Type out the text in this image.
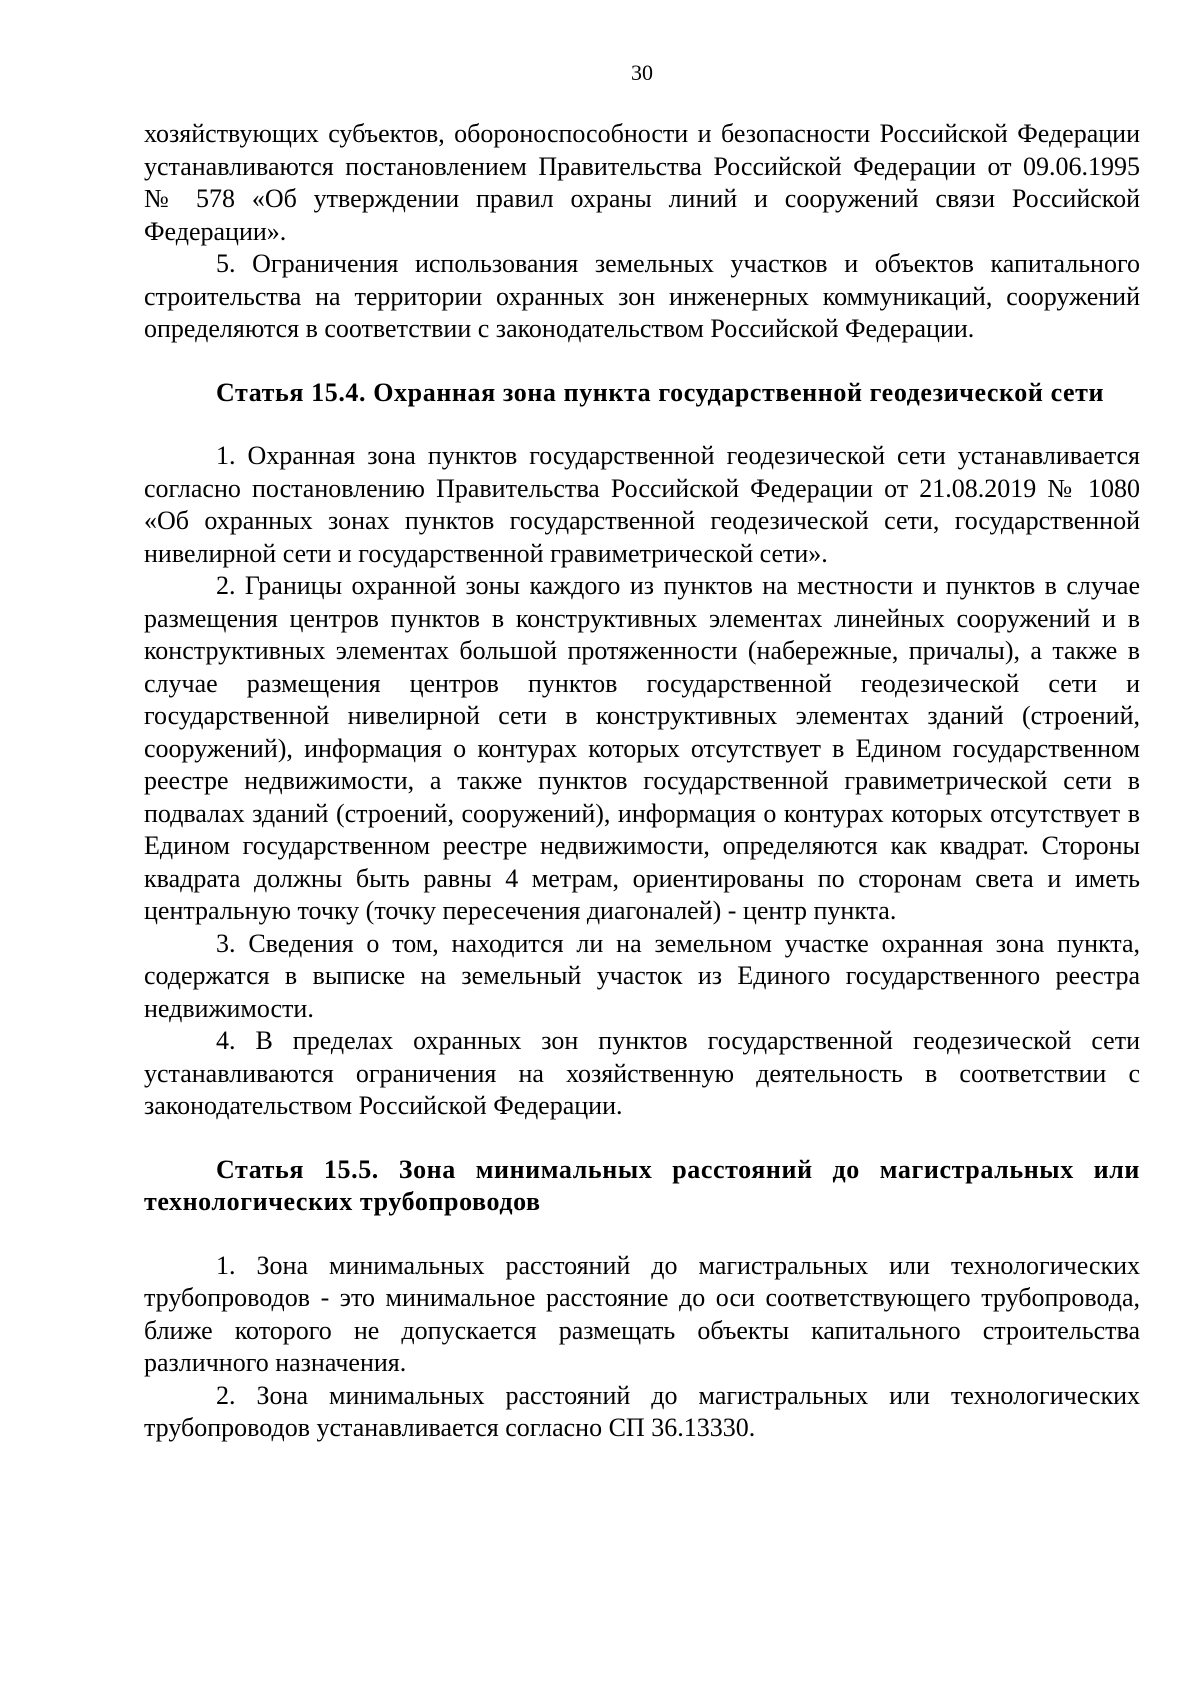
30

хозяйствующих субъектов, обороноспособности и безопасности Российской Федерации устанавливаются постановлением Правительства Российской Федерации от 09.06.1995 № 578 «Об утверждении правил охраны линий и сооружений связи Российской Федерации».

5. Ограничения использования земельных участков и объектов капитального строительства на территории охранных зон инженерных коммуникаций, сооружений определяются в соответствии с законодательством Российской Федерации.

Статья 15.4. Охранная зона пункта государственной геодезической сети

1. Охранная зона пунктов государственной геодезической сети устанавливается согласно постановлению Правительства Российской Федерации от 21.08.2019 № 1080 «Об охранных зонах пунктов государственной геодезической сети, государственной нивелирной сети и государственной гравиметрической сети».

2. Границы охранной зоны каждого из пунктов на местности и пунктов в случае размещения центров пунктов в конструктивных элементах линейных сооружений и в конструктивных элементах большой протяженности (набережные, причалы), а также в случае размещения центров пунктов государственной геодезической сети и государственной нивелирной сети в конструктивных элементах зданий (строений, сооружений), информация о контурах которых отсутствует в Едином государственном реестре недвижимости, а также пунктов государственной гравиметрической сети в подвалах зданий (строений, сооружений), информация о контурах которых отсутствует в Едином государственном реестре недвижимости, определяются как квадрат. Стороны квадрата должны быть равны 4 метрам, ориентированы по сторонам света и иметь центральную точку (точку пересечения диагоналей) - центр пункта.

3. Сведения о том, находится ли на земельном участке охранная зона пункта, содержатся в выписке на земельный участок из Единого государственного реестра недвижимости.

4. В пределах охранных зон пунктов государственной геодезической сети устанавливаются ограничения на хозяйственную деятельность в соответствии с законодательством Российской Федерации.

Статья 15.5. Зона минимальных расстояний до магистральных или технологических трубопроводов

1. Зона минимальных расстояний до магистральных или технологических трубопроводов - это минимальное расстояние до оси соответствующего трубопровода, ближе которого не допускается размещать объекты капитального строительства различного назначения.

2. Зона минимальных расстояний до магистральных или технологических трубопроводов устанавливается согласно СП 36.13330.
